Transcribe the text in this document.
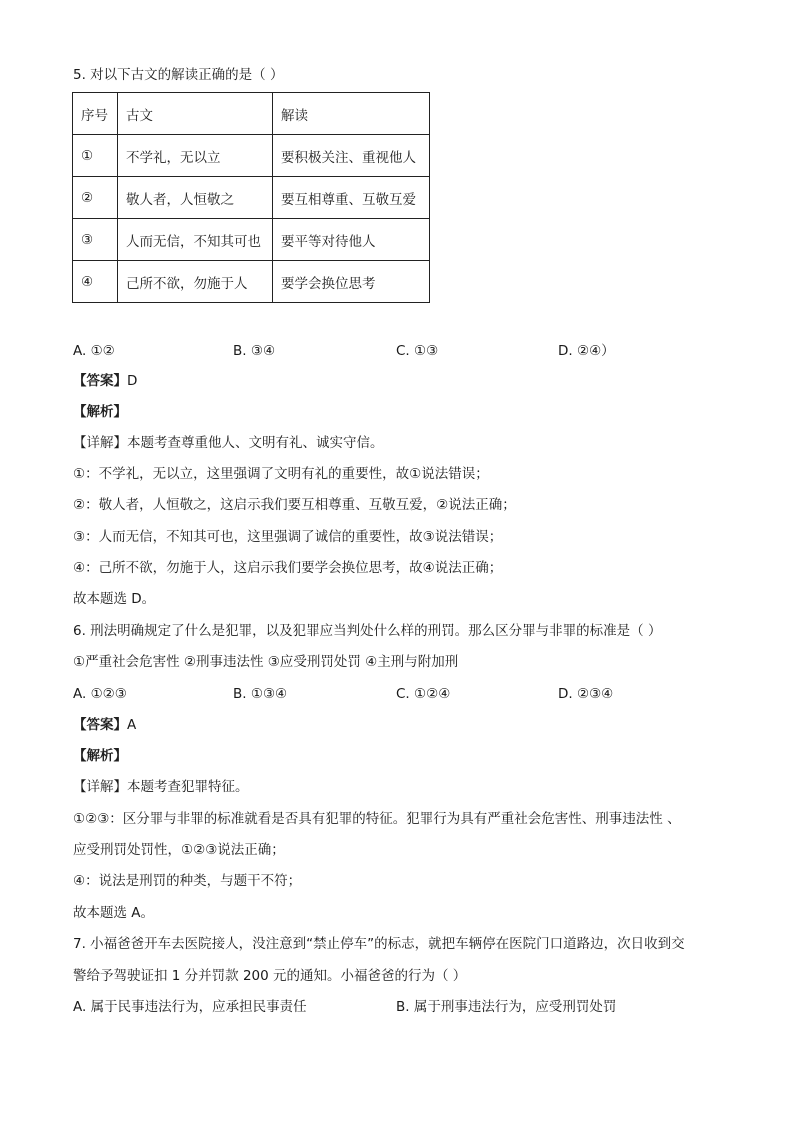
5. 对以下古文的解读正确的是（ ）
序号	古文	解读
①	不学礼，无以立	要积极关注、重视他人
②	敬人者，人恒敬之	要互相尊重、互敬互爱
③	人而无信，不知其可也	要平等对待他人
④	己所不欲，勿施于人	要学会换位思考
A. ①②	B. ③④	C. ①③	D. ②④）
【答案】D
【解析】
【详解】本题考查尊重他人、文明有礼、诚实守信。
①：不学礼，无以立，这里强调了文明有礼的重要性，故①说法错误；
②：敬人者，人恒敬之，这启示我们要互相尊重、互敬互爱，②说法正确；
③：人而无信，不知其可也，这里强调了诚信的重要性，故③说法错误；
④：己所不欲，勿施于人，这启示我们要学会换位思考，故④说法正确；
故本题选 D。
6. 刑法明确规定了什么是犯罪，以及犯罪应当判处什么样的刑罚。那么区分罪与非罪的标准是（ ）
①严重社会危害性 ②刑事违法性 ③应受刑罚处罚 ④主刑与附加刑
A. ①②③	B. ①③④	C. ①②④	D. ②③④
【答案】A
【解析】
【详解】本题考查犯罪特征。
①②③：区分罪与非罪的标准就看是否具有犯罪的特征。犯罪行为具有严重社会危害性、刑事违法性 、
应受刑罚处罚性，①②③说法正确；
④：说法是刑罚的种类，与题干不符；
故本题选 A。
7. 小福爸爸开车去医院接人，没注意到“禁止停车”的标志，就把车辆停在医院门口道路边，次日收到交
警给予驾驶证扣 1 分并罚款 200 元的通知。小福爸爸的行为（ ）
A. 属于民事违法行为，应承担民事责任	B. 属于刑事违法行为，应受刑罚处罚
